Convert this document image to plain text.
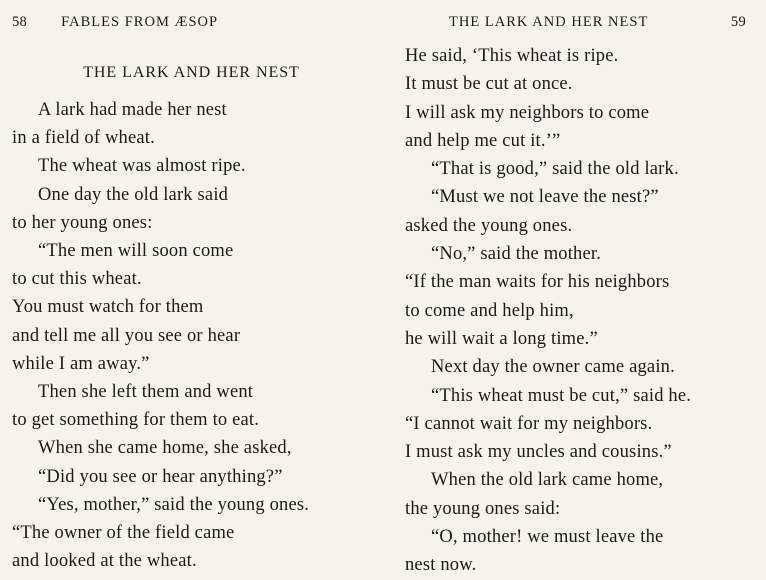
58 FABLES FROM ÆSOP
THE LARK AND HER NEST

A lark had made her nest

in a field of wheat.

The wheat was almost ripe.

One day the old lark said

to her young ones:

“The men will soon come

to cut this wheat.

You must watch for them

and tell me all you see or hear

while I am away.”

Then she left them and went

to get something for them to eat.

When she came home, she asked,

“Did you see or hear anything?”

“Yes, mother,” said the young ones.

“The owner of the field came

and looked at the wheat.

THE LARK AND HER NEST	59

He said, ‘This wheat is ripe.

It must be cut at once.

I will ask my neighbors to come

and help me cut it.’”

“That is good,” said the old lark.

“Must we not leave the nest?”

asked the young ones.

“No,” said the mother.

“If the man waits for his neighbors

to come and help him,

he will wait a long time.”

Next day the owner came again.

“This wheat must be cut,” said he.

“I cannot wait for my neighbors.

I must ask my uncles and cousins.”

When the old lark came home,

the young ones said:

“O, mother! we must leave the

nest now.
